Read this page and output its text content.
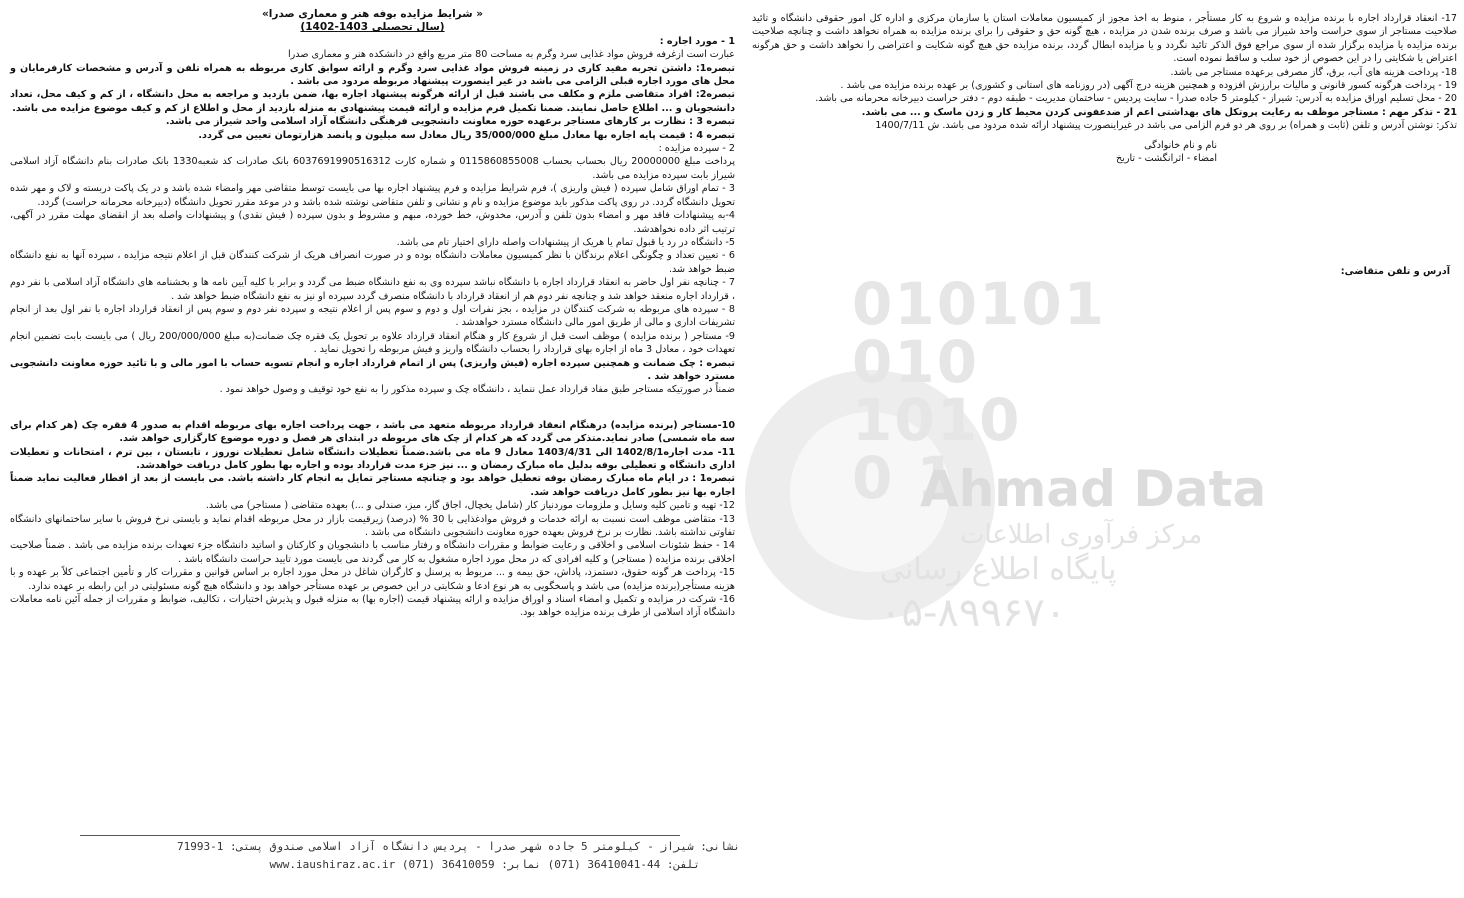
010101
010
1010
0 1
Ahmad Data
مرکز فرآوری اطلاعات
پایگاه اطلاع رسانی
۰۵-۸۹۹۶۷۰

« شرایط مزایده بوفه هنر و معماری صدرا»

(سال تحصیلی 1403-1402)

1 - مورد اجاره :

عبارت است ازغرفه فروش مواد غذایی سرد وگرم به مساحت 80 متر مربع واقع در دانشکده هنر و معماری صدرا

تبصره1: داشتن تجربه مفید کاری در زمینه فروش مواد غذایی سرد وگرم و ارائه سوابق کاری مربوطه به همراه تلفن و آدرس و مشخصات کارفرمایان و محل های مورد اجاره قبلی الزامی می باشد در غیر اینصورت پیشنهاد مربوطه مردود می باشد .

تبصره2: افراد متقاضی ملزم و مکلف می باشند قبل از ارائه هرگونه پیشنهاد اجاره بها، ضمن بازدید و مراجعه به محل دانشگاه ، از کم و کیف محل، تعداد دانشجویان و ... اطلاع حاصل نمایند. ضمنا تکمیل فرم مزایده و ارائه قیمت پیشنهادی به منزله بازدید از محل و اطلاع از کم و کیف موضوع مزایده می باشد.

تبصره 3 : نظارت بر کارهای مستاجر برعهده حوزه معاونت دانشجویی فرهنگی دانشگاه آزاد اسلامی واحد شیراز می باشد.

تبصره 4 : قیمت پایه اجاره بها معادل مبلغ 35/000/000 ریال معادل سه میلیون و پانصد هزارتومان تعیین می گردد.

2 - سپرده مزایده :

پرداخت مبلغ 20000000 ریال بحساب بحساب 0115860855008 و شماره کارت 6037691990516312 بانک صادرات کد شعبه1330 بانک صادرات بنام دانشگاه آزاد اسلامی شیراز بابت سپرده مزایده می باشد.

3 - تمام اوراق شامل سپرده ( فیش واریزی )، فرم شرایط مزایده و فرم پیشنهاد اجاره بها می بایست توسط متقاضی مهر وامضاء شده باشد و در یک پاکت دربسته و لاک و مهر شده تحویل دانشگاه گردد. در روی پاکت مذکور باید موضوع مزایده و نام و نشانی و تلفن متقاضی نوشته شده باشد و در موعد مقرر تحویل دانشگاه (دبیرخانه محرمانه حراست) گردد.

4-به پیشنهادات فاقد مهر و امضاء بدون تلفن و آدرس، مخدوش، خط خورده، مبهم و مشروط و بدون سپرده ( فیش نقدی) و پیشنهادات واصله بعد از انقضای مهلت مقرر در آگهی، ترتیب اثر داده نخواهدشد.

5- دانشگاه در رد یا قبول تمام یا هریک از پیشنهادات واصله دارای اختیار تام می باشد.

6 - تعیین تعداد و چگونگی اعلام برندگان با نظر کمیسیون معاملات دانشگاه بوده و در صورت انصراف هریک از شرکت کنندگان قبل از اعلام نتیجه مزایده ، سپرده آنها به نفع دانشگاه ضبط خواهد شد.

7 - چنانچه نفر اول حاضر به انعقاد قرارداد اجاره با دانشگاه نباشد سپرده وی به نفع دانشگاه ضبط می گردد و برابر با کلیه آیین نامه ها و بخشنامه های دانشگاه آزاد اسلامی با نفر دوم ، قرارداد اجاره منعقد خواهد شد و چنانچه نفر دوم هم از انعقاد قرارداد با دانشگاه منصرف گردد سپرده او نیز به نفع دانشگاه ضبط خواهد شد .

8 - سپرده های مربوطه به شرکت کنندگان در مزایده ، بجز نفرات اول و دوم و سوم پس از اعلام نتیجه و سپرده نفر دوم و سوم پس از انعقاد قرارداد اجاره با نفر اول بعد از انجام تشریفات اداری و مالی از طریق امور مالی دانشگاه مسترد خواهدشد .

9- مستاجر ( برنده مزایده ) موظف است قبل از شروع کار و هنگام انعقاد قرارداد علاوه بر تحویل یک فقره چک ضمانت(به مبلغ 200/000/000 ریال ) می بایست بابت تضمین انجام تعهدات خود ، معادل 3 ماه از اجاره بهای قرارداد را بحساب دانشگاه واریز و فیش مربوطه را تحویل نماید .

تبصره : چک ضمانت و همچنین سپرده اجاره (فیش واریزی) پس از اتمام قرارداد اجاره و انجام تسویه حساب با امور مالی و با تائید حوزه معاونت دانشجویی مسترد خواهد شد .

ضمناً در صورتیکه مستاجر طبق مفاد قرارداد عمل ننماید ، دانشگاه چک و سپرده مذکور را به نفع خود توقیف و وصول خواهد نمود .

10-مستاجر (برنده مزایده) درهنگام انعقاد قرارداد مربوطه متعهد می باشد ، جهت پرداخت اجاره بهای مربوطه اقدام به صدور 4 فقره چک (هر کدام برای سه ماه شمسی) صادر نماید.متذکر می گردد که هر کدام از چک های مربوطه در ابتدای هر فصل و دوره موضوع کارگزاری خواهد شد.

11- مدت اجاره1402/8/1 الی 1403/4/31 معادل 9 ماه می باشد.ضمناً تعطیلات دانشگاه شامل تعطیلات نوروز ، تابستان ، بین ترم ، امتحانات و تعطیلات اداری دانشگاه و تعطیلی بوفه بدلیل ماه مبارک رمضان و ... نیز جزء مدت قرارداد بوده و اجاره بها بطور کامل دریافت خواهدشد.

تبصره1 : در ایام ماه مبارک رمضان بوفه تعطیل خواهد بود و چنانچه مستاجر تمایل به انجام کار داشته باشد. می بایست از بعد از افطار فعالیت نماید ضمناً اجاره بها نیز بطور کامل دریافت خواهد شد.

12- تهیه و تامین کلیه وسایل و ملزومات موردنیاز کار (شامل یخچال، اجاق گاز، میز، صندلی و ...) بعهده متقاضی ( مستاجر) می باشد.

13- متقاضی موظف است نسبت به ارائه خدمات و فروش موادغذایی با 30 % (درصد) زیرقیمت بازار در محل مربوطه اقدام نماید و بایستی نرخ فروش با سایر ساختمانهای دانشگاه تفاوتی نداشته باشد. نظارت بر نرخ فروش بعهده حوزه معاونت دانشجویی دانشگاه می باشد .

14 - حفظ شئونات اسلامی و اخلاقی و رعایت ضوابط و مقررات دانشگاه و رفتار مناسب با دانشجویان و کارکنان و اساتید دانشگاه جزء تعهدات برنده مزایده می باشد . ضمناً صلاحیت اخلاقی برنده مزایده ( مستاجر) و کلیه افرادی که در محل مورد اجاره مشغول به کار می گردند می بایست مورد تایید حراست دانشگاه باشد .

15- پرداخت هر گونه حقوق، دستمزد، پاداش، حق بیمه و ... مربوط به پرسنل و کارگران شاغل در محل مورد اجاره بر اساس قوانین و مقررات کار و تأمین اجتماعی کلاً بر عهده و با هزینه مستأجر(برنده مزایده) می باشد و پاسخگویی به هر نوع ادعا و شکایتی در این خصوص بر عهده مستأجر خواهد بود و دانشگاه هیچ گونه مسئولیتی در این رابطه بر عهده ندارد.

16- شرکت در مزایده و تکمیل و امضاء اسناد و اوراق مزایده و ارائه پیشنهاد قیمت (اجاره بها) به منزله قبول و پذیرش اختیارات ، تکالیف، ضوابط و مقررات از جمله آئین نامه معاملات دانشگاه آزاد اسلامی از طرف برنده مزایده خواهد بود.

17- انعقاد قرارداد اجاره با برنده مزایده و شروع به کار مستأجر ، منوط به اخذ مجوز از کمیسیون معاملات استان یا سازمان مرکزی و اداره کل امور حقوقی دانشگاه و تائید صلاحیت مستاجر از سوی حراست واحد شیراز می باشد و صرف برنده شدن در مزایده ، هیچ گونه حق و حقوقی را برای برنده مزایده به همراه نخواهد داشت و چنانچه صلاحیت برنده مزایده یا مزایده برگزار شده از سوی مراجع فوق الذکر تائید نگردد و یا مزایده ابطال گردد، برنده مزایده حق هیچ گونه شکایت و اعتراضی را نخواهد داشت و حق هرگونه اعتراض یا شکایتی را در این خصوص از خود سلب و ساقط نموده است.

18- پرداخت هزینه های آب، برق، گاز مصرفی برعهده مستاجر می باشد.

19 - پرداخت هرگونه کسور قانونی و مالیات برارزش افزوده و همچنین هزینه درج آگهی (در روزنامه های استانی و کشوری) بر عهده برنده مزایده می باشد .

20 - محل تسلیم اوراق مزایده به آدرس: شیراز - کیلومتر 5 جاده صدرا - سایت پردیس - ساختمان مدیریت - طبقه دوم - دفتر حراست دبیرخانه محرمانه می باشد.

21 - تذکر مهم : مستاجر موظف به رعایت پروتکل های بهداشتی اعم از ضدعفونی کردن محیط کار و زدن ماسک و ... می باشد.

تذکر: نوشتن آدرس و تلفن (ثابت و همراه) بر روی هر دو فرم الزامی می باشد در غیراینصورت پیشنهاد ارائه شده مردود می باشد. ش 1400/7/11

نام و نام خانوادگی

امضاء - اثرانگشت - تاریخ

آدرس و تلفن متقاضی:
نشانی: شیراز - کیلومتر 5 جاده شهر صدرا - پردیس دانشگاه آزاد اسلامی صندوق پستی: 1-71993
تلفن: 44-36410041 (071) نمابر: 36410059 (071) www.iaushiraz.ac.ir
